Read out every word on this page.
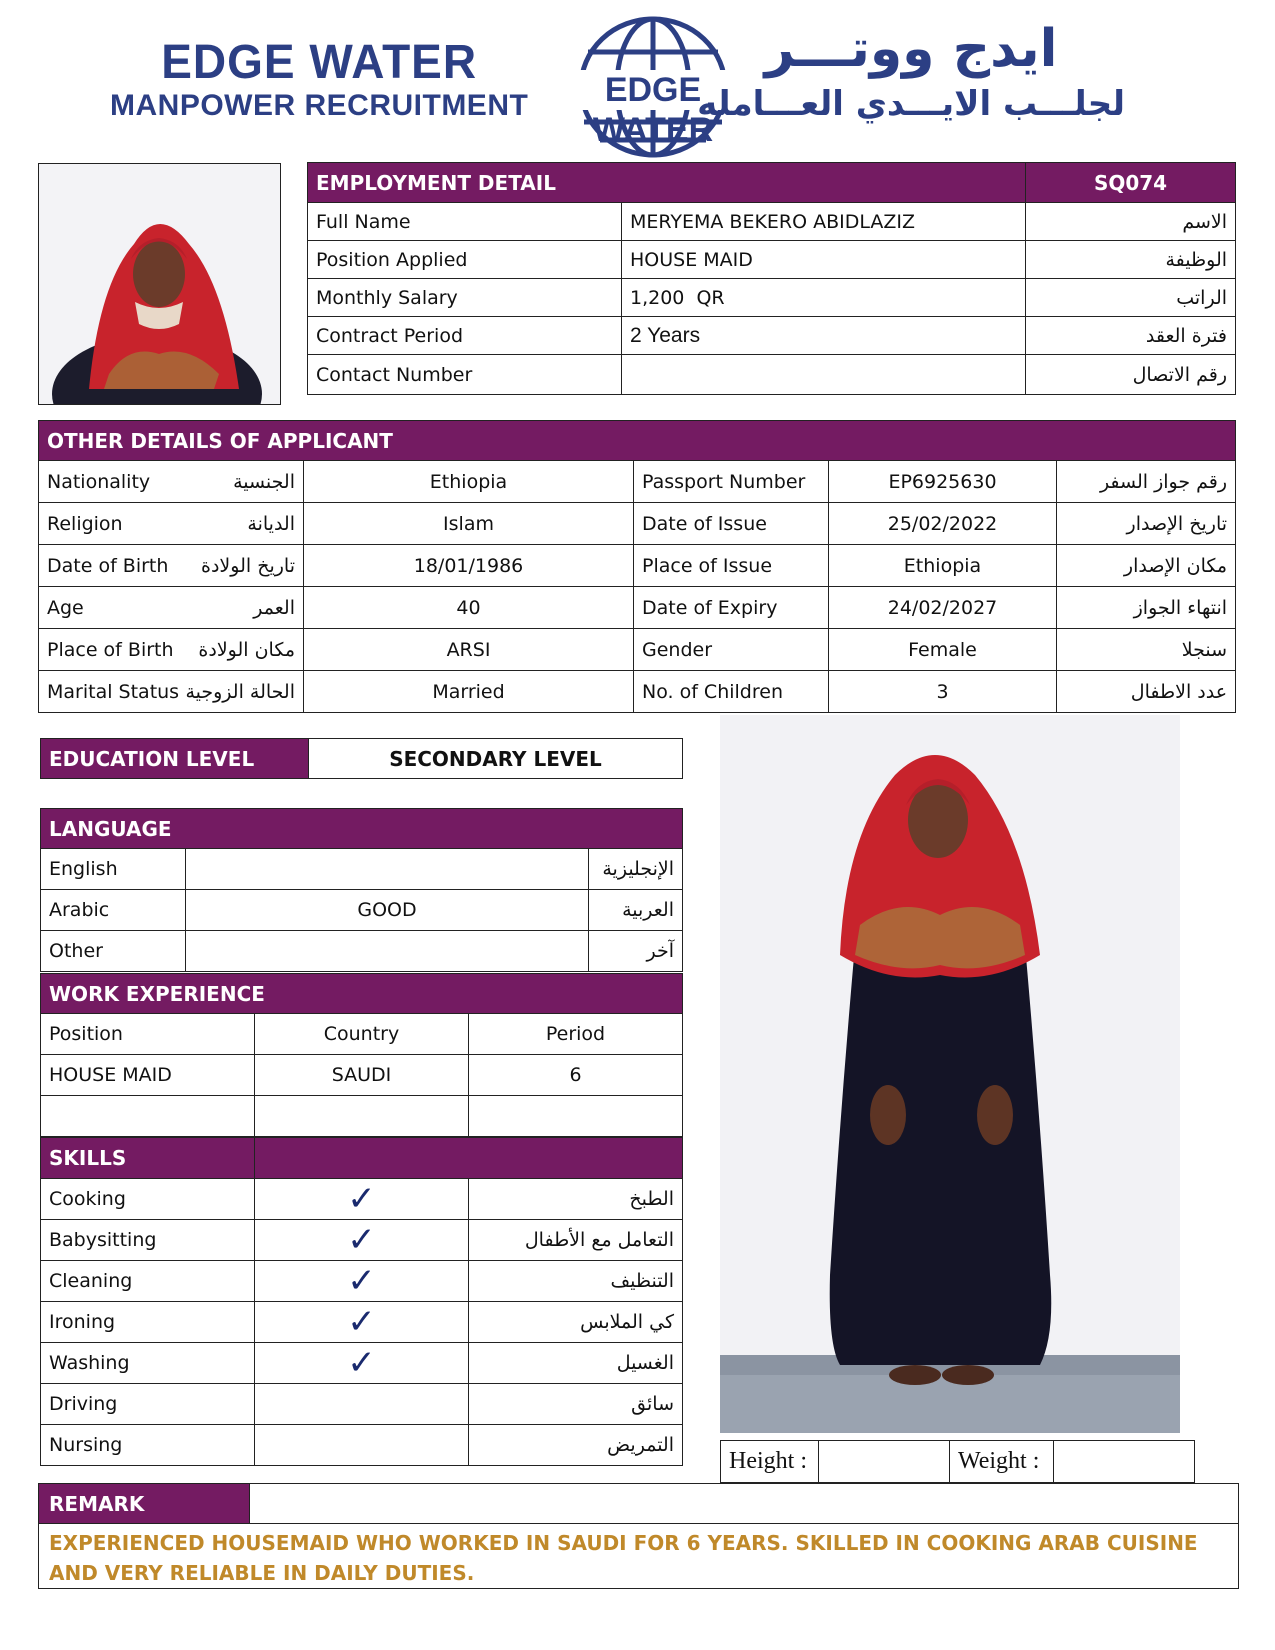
EDGE WATER
MANPOWER RECRUITMENT	EDGE WATER
ايدج ووتـــر
لجلـــب الايـــدي العـــامله
EMPLOYMENT DETAIL		SQ074
Full Name	MERYEMA BEKERO ABIDLAZIZ	الاسم
Position Applied	HOUSE MAID	الوظيفة
Monthly Salary	1,200  QR	الراتب
Contract Period	2 Years	فترة العقد
Contact Number		رقم الاتصال
OTHER DETAILS OF APPLICANT				
Nationality الجنسية	Ethiopia	Passport Number	EP6925630	رقم جواز السفر
Religion الديانة	Islam	Date of Issue	25/02/2022	تاريخ الإصدار
Date of Birth تاريخ الولادة	18/01/1986	Place of Issue	Ethiopia	مكان الإصدار
Age العمر	40	Date of Expiry	24/02/2027	انتهاء الجواز
Place of Birth مكان الولادة	ARSI	Gender	Female	سنجلا
Marital Status الحالة الزوجية	Married	No. of Children	3	عدد الاطفال
EDUCATION LEVEL	SECONDARY LEVEL
LANGUAGE		
English		الإنجليزية
Arabic	GOOD	العربية
Other		آخر
WORK EXPERIENCE		
Position	Country	Period
HOUSE MAID	SAUDI	6

SKILLS		
Cooking	✓	الطبخ
Babysitting	✓	التعامل مع الأطفال
Cleaning	✓	التنظيف
Ironing	✓	كي الملابس
Washing	✓	الغسيل
Driving		سائق
Nursing		التمريض
Height :		Weight :	
REMARK
EXPERIENCED HOUSEMAID WHO WORKED IN SAUDI FOR 6 YEARS. SKILLED IN COOKING ARAB CUISINE AND VERY RELIABLE IN DAILY DUTIES.
